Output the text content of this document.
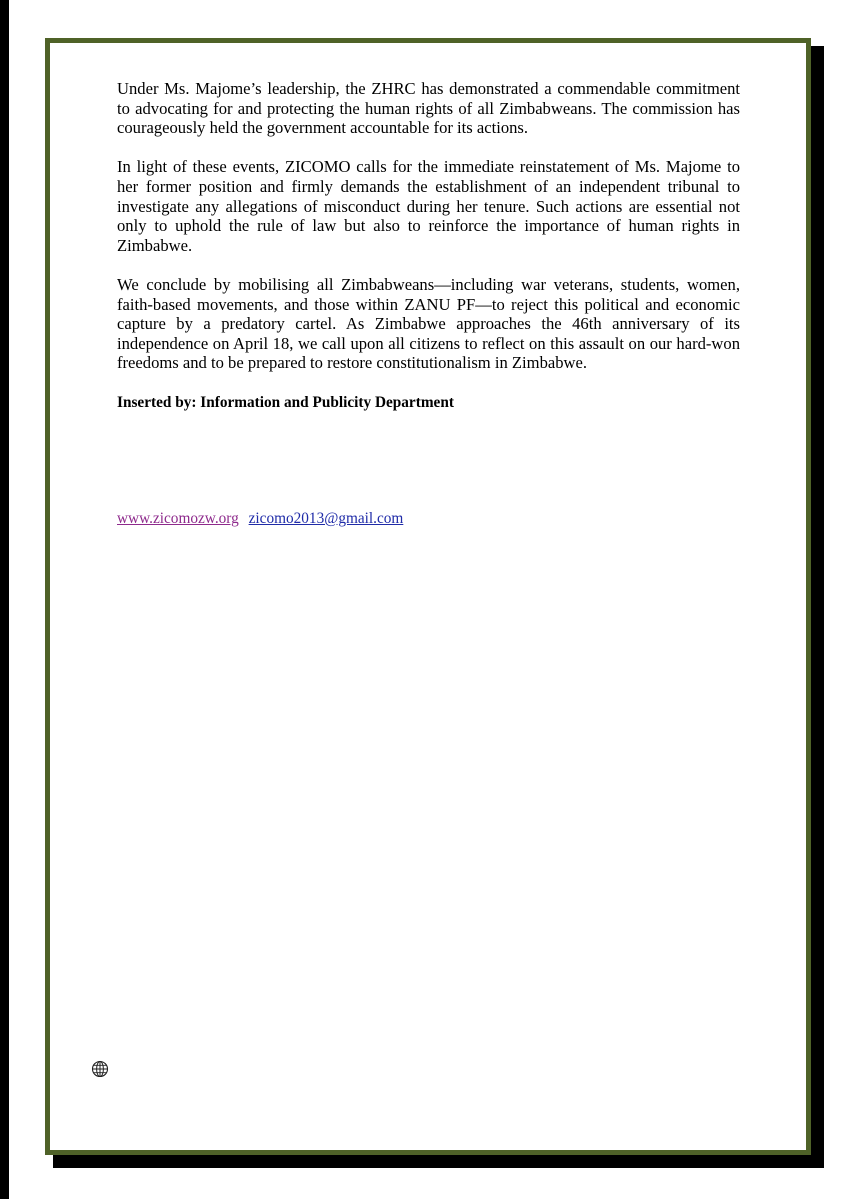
Under Ms. Majome’s leadership, the ZHRC has demonstrated a commendable commitment to advocating for and protecting the human rights of all Zimbabweans. The commission has courageously held the government accountable for its actions.

In light of these events, ZICOMO calls for the immediate reinstatement of Ms. Majome to her former position and firmly demands the establishment of an independent tribunal to investigate any allegations of misconduct during her tenure. Such actions are essential not only to uphold the rule of law but also to reinforce the importance of human rights in Zimbabwe.

We conclude by mobilising all Zimbabweans—including war veterans, students, women, faith-based movements, and those within ZANU PF—to reject this political and economic capture by a predatory cartel. As Zimbabwe approaches the 46th anniversary of its independence on April 18, we call upon all citizens to reflect on this assault on our hard-won freedoms and to be prepared to restore constitutionalism in Zimbabwe.

Inserted by: Information and Publicity Department

www.zicomozw.org zicomo2013@gmail.com
